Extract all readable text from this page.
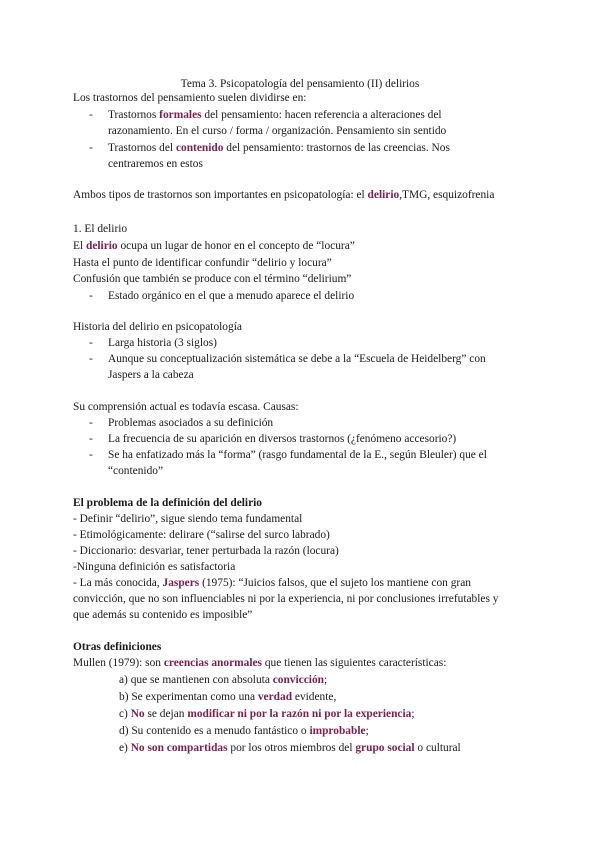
Tema 3. Psicopatología del pensamiento (II) delirios
Los trastornos del pensamiento suelen dividirse en:
- Trastornos formales del pensamiento: hacen referencia a alteraciones del
razonamiento. En el curso / forma / organización. Pensamiento sin sentido
- Trastornos del contenido del pensamiento: trastornos de las creencias. Nos
centraremos en estos
Ambos tipos de trastornos son importantes en psicopatología: el delirio,TMG, esquizofrenia
1. El delirio
El delirio ocupa un lugar de honor en el concepto de “locura”
Hasta el punto de identificar confundir “delirio y locura”
Confusión que también se produce con el término “delirium”
- Estado orgánico en el que a menudo aparece el delirio
Historia del delirio en psicopatología
- Larga historia (3 siglos)
- Aunque su conceptualización sistemática se debe a la “Escuela de Heidelberg” con
Jaspers a la cabeza
Su comprensión actual es todavía escasa. Causas:
- Problemas asociados a su definición
- La frecuencia de su aparición en diversos trastornos (¿fenómeno accesorio?)
- Se ha enfatizado más la “forma” (rasgo fundamental de la E., según Bleuler) que el
“contenido”
El problema de la definición del delirio
- Definir “delirio”, sigue siendo tema fundamental
- Etimológicamente: delirare (“salirse del surco labrado)
- Diccionario: desvariar, tener perturbada la razón (locura)
-Ninguna definición es satisfactoria
- La más conocida, Jaspers (1975): “Juicios falsos, que el sujeto los mantiene con gran
convicción, que no son influenciables ni por la experiencia, ni por conclusiones irrefutables y
que además su contenido es imposible”
Otras definiciones
Mullen (1979): son creencias anormales que tienen las siguientes características:
a) que se mantienen con absoluta convicción;
b) Se experimentan como una verdad evidente,
c) No se dejan modificar ni por la razón ni por la experiencia;
d) Su contenido es a menudo fantástico o improbable;
e) No son compartidas por los otros miembros del grupo social o cultural
